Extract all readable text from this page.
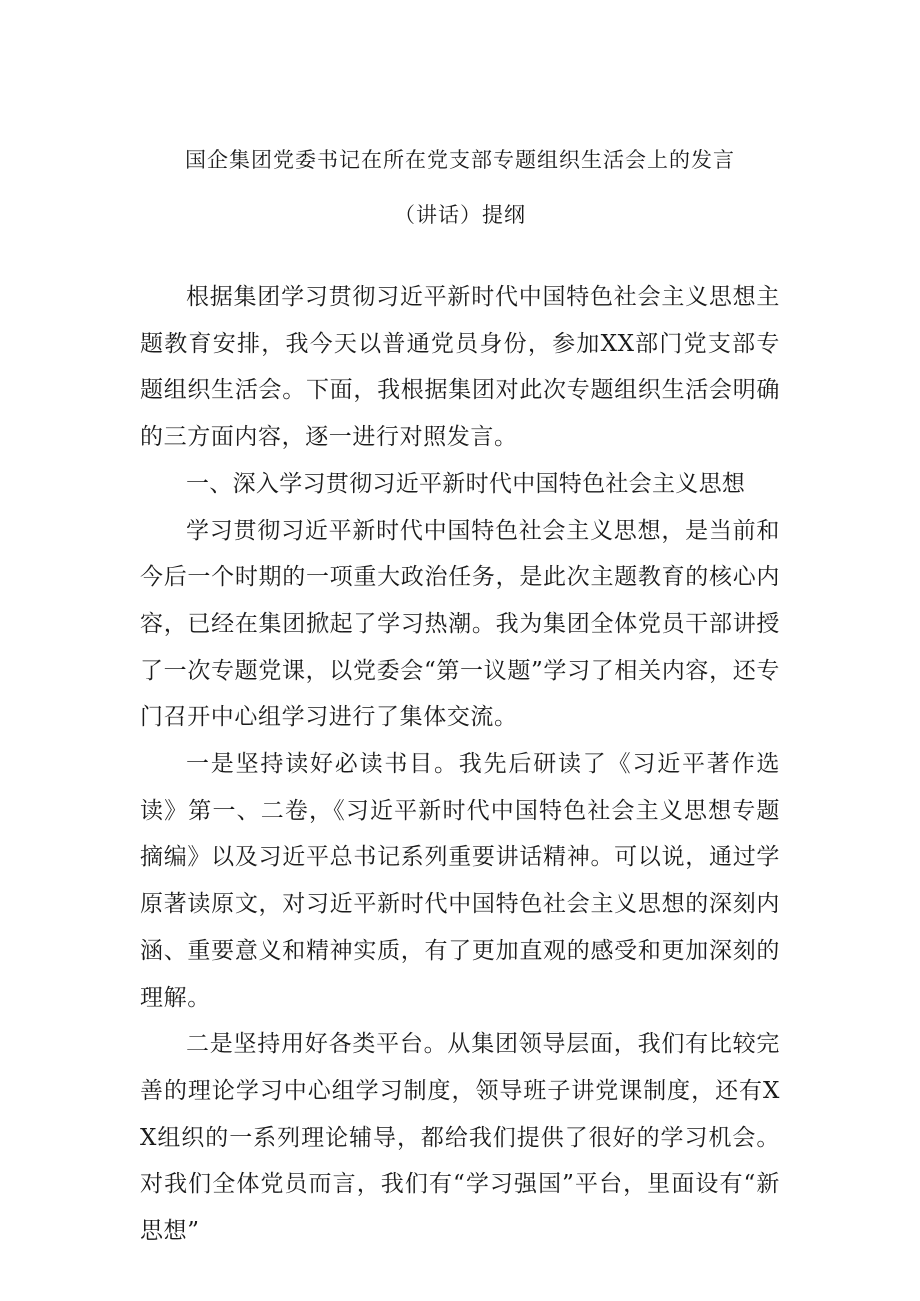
国企集团党委书记在所在党支部专题组织生活会上的发言
（讲话）提纲

根据集团学习贯彻习近平新时代中国特色社会主义思想主题教育安排，我今天以普通党员身份，参加XX部门党支部专题组织生活会。下面，我根据集团对此次专题组织生活会明确的三方面内容，逐一进行对照发言。

一、深入学习贯彻习近平新时代中国特色社会主义思想

学习贯彻习近平新时代中国特色社会主义思想，是当前和今后一个时期的一项重大政治任务，是此次主题教育的核心内容，已经在集团掀起了学习热潮。我为集团全体党员干部讲授了一次专题党课，以党委会“第一议题”学习了相关内容，还专门召开中心组学习进行了集体交流。

一是坚持读好必读书目。我先后研读了《习近平著作选读》第一、二卷，《习近平新时代中国特色社会主义思想专题摘编》以及习近平总书记系列重要讲话精神。可以说，通过学原著读原文，对习近平新时代中国特色社会主义思想的深刻内涵、重要意义和精神实质，有了更加直观的感受和更加深刻的理解。

二是坚持用好各类平台。从集团领导层面，我们有比较完善的理论学习中心组学习制度，领导班子讲党课制度，还有XX组织的一系列理论辅导，都给我们提供了很好的学习机会。对我们全体党员而言，我们有“学习强国”平台，里面设有“新思想”
